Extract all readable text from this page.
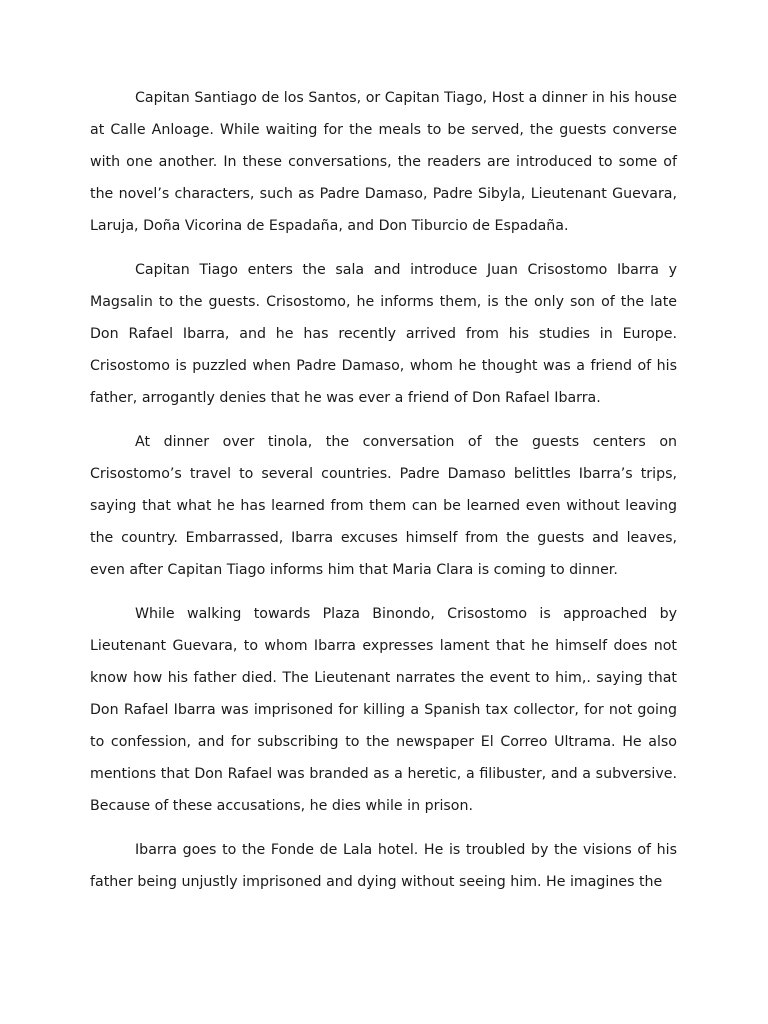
Capitan Santiago de los Santos, or Capitan Tiago, Host a dinner in his house at Calle Anloage. While waiting for the meals to be served, the guests converse with one another. In these conversations, the readers are introduced to some of the novel’s characters, such as Padre Damaso, Padre Sibyla, Lieutenant Guevara, Laruja, Doña Vicorina de Espadaña, and Don Tiburcio de Espadaña.

Capitan Tiago enters the sala and introduce Juan Crisostomo Ibarra y Magsalin to the guests. Crisostomo, he informs them, is the only son of the late Don Rafael Ibarra, and he has recently arrived from his studies in Europe. Crisostomo is puzzled when Padre Damaso, whom he thought was a friend of his father, arrogantly denies that he was ever a friend of Don Rafael Ibarra.

At dinner over tinola, the conversation of the guests centers on Crisostomo’s travel to several countries. Padre Damaso belittles Ibarra’s trips, saying that what he has learned from them can be learned even without leaving the country. Embarrassed, Ibarra excuses himself from the guests and leaves, even after Capitan Tiago informs him that Maria Clara is coming to dinner.

While walking towards Plaza Binondo, Crisostomo is approached by Lieutenant Guevara, to whom Ibarra expresses lament that he himself does not know how his father died. The Lieutenant narrates the event to him,. saying that Don Rafael Ibarra was imprisoned for killing a Spanish tax collector, for not going to confession, and for subscribing to the newspaper El Correo Ultrama. He also mentions that Don Rafael was branded as a heretic, a filibuster, and a subversive. Because of these accusations, he dies while in prison.

Ibarra goes to the Fonde de Lala hotel. He is troubled by the visions of his father being unjustly imprisoned and dying without seeing him. He imagines the
